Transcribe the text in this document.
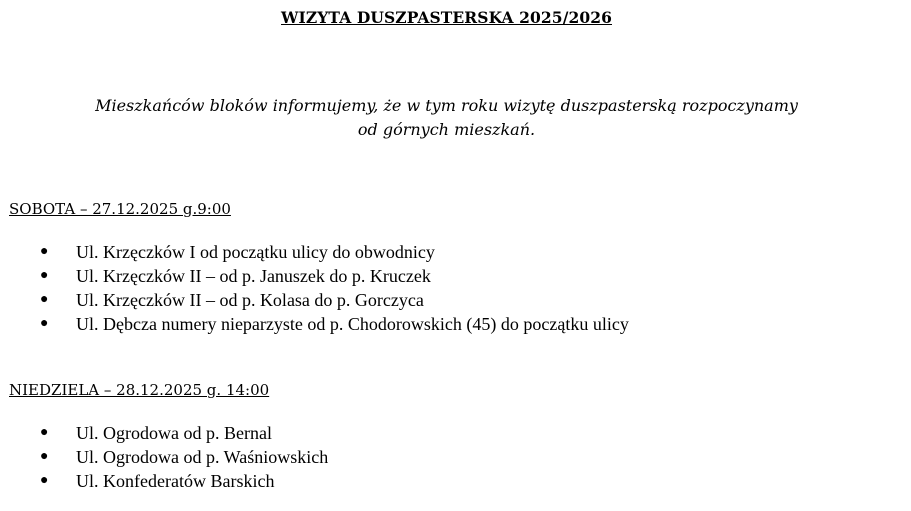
WIZYTA DUSZPASTERSKA 2025/2026
Mieszkańców bloków informujemy, że w tym roku wizytę duszpasterską rozpoczynamy
od górnych mieszkań.
SOBOTA – 27.12.2025 g.9:00
● Ul. Krzęczków I od początku ulicy do obwodnicy
● Ul. Krzęczków II – od p. Januszek do p. Kruczek
● Ul. Krzęczków II – od p. Kolasa do p. Gorczyca
● Ul. Dębcza numery nieparzyste od p. Chodorowskich (45) do początku ulicy
NIEDZIELA – 28.12.2025 g. 14:00
● Ul. Ogrodowa od p. Bernal
● Ul. Ogrodowa od p. Waśniowskich
● Ul. Konfederatów Barskich
